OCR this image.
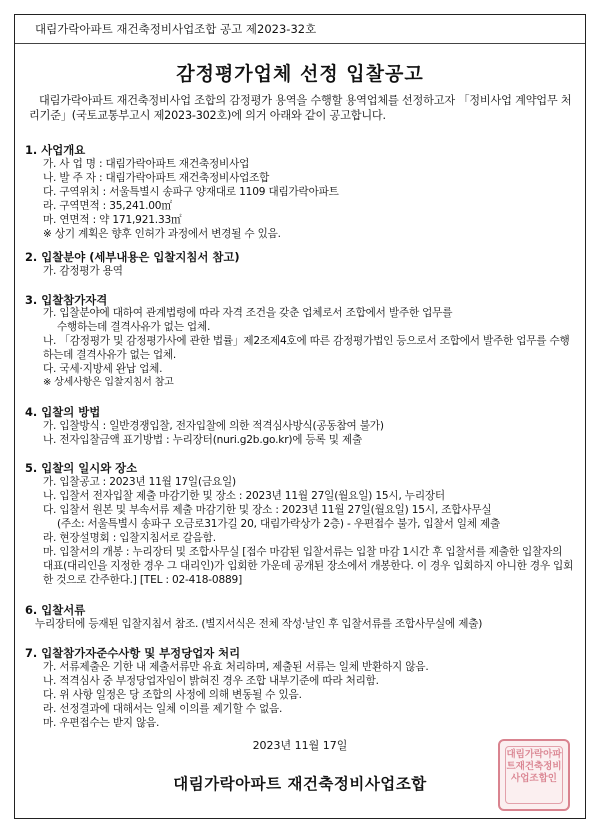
대림가락아파트 재건축정비사업조합 공고 제2023-32호
감정평가업체 선정 입찰공고
대림가락아파트 재건축정비사업 조합의 감정평가 용역을 수행할 용역업체를 선정하고자 「정비사업 계약업무 처리기준」(국토교통부고시 제2023-302호)에 의거 아래와 같이 공고합니다.
1. 사업개요
가. 사 업 명 : 대림가락아파트 재건축정비사업
나. 발 주 자 : 대림가락아파트 재건축정비사업조합
다. 구역위치 : 서울특별시 송파구 양재대로 1109 대림가락아파트
라. 구역면적 : 35,241.00㎡
마. 연면적 : 약 171,921.33㎡
※ 상기 계획은 향후 인허가 과정에서 변경될 수 있음.
2. 입찰분야 (세부내용은 입찰지침서 참고)
가. 감정평가 용역
3. 입찰참가자격
가. 입찰분야에 대하여 관계법령에 따라 자격 조건을 갖춘 업체로서 조합에서 발주한 업무를
수행하는데 결격사유가 없는 업체.
나. 「감정평가 및 감정평가사에 관한 법률」제2조제4호에 따른 감정평가법인 등으로서 조합에서 발주한 업무를 수행하는데 결격사유가 없는 업체.
다. 국세·지방세 완납 업체.
※ 상세사항은 입찰지침서 참고
4. 입찰의 방법
가. 입찰방식 : 일반경쟁입찰, 전자입찰에 의한 적격심사방식(공동참여 불가)
나. 전자입찰금액 표기방법 : 누리장터(nuri.g2b.go.kr)에 등록 및 제출
5. 입찰의 일시와 장소
가. 입찰공고 : 2023년 11월 17일(금요일)
나. 입찰서 전자입찰 제출 마감기한 및 장소 : 2023년 11월 27일(월요일) 15시, 누리장터
다. 입찰서 원본 및 부속서류 제출 마감기한 및 장소 : 2023년 11월 27일(월요일) 15시, 조합사무실
(주소: 서울특별시 송파구 오금로31가길 20, 대림가락상가 2층) - 우편접수 불가, 입찰서 일체 제출
라. 현장설명회 : 입찰지침서로 갈음함.
마. 입찰서의 개봉 : 누리장터 및 조합사무실 [접수 마감된 입찰서류는 입찰 마감 1시간 후 입찰서를 제출한 입찰자의 대표(대리인을 지정한 경우 그 대리인)가 입회한 가운데 공개된 장소에서 개봉한다. 이 경우 입회하지 아니한 경우 입회한 것으로 간주한다.] [TEL : 02-418-0889]
6. 입찰서류
누리장터에 등재된 입찰지침서 참조. (별지서식은 전체 작성·날인 후 입찰서류를 조합사무실에 제출)
7. 입찰참가자준수사항 및 부정당업자 처리
가. 서류제출은 기한 내 제출서류만 유효 처리하며, 제출된 서류는 일체 반환하지 않음.
나. 적격심사 중 부정당업자임이 밝혀진 경우 조합 내부기준에 따라 처리함.
다. 위 사항 일정은 당 조합의 사정에 의해 변동될 수 있음.
라. 선정결과에 대해서는 일체 이의를 제기할 수 없음.
마. 우편접수는 받지 않음.
2023년 11월 17일
대림가락아파트 재건축정비사업조합
대림가락아파트재건축정비사업조합인
